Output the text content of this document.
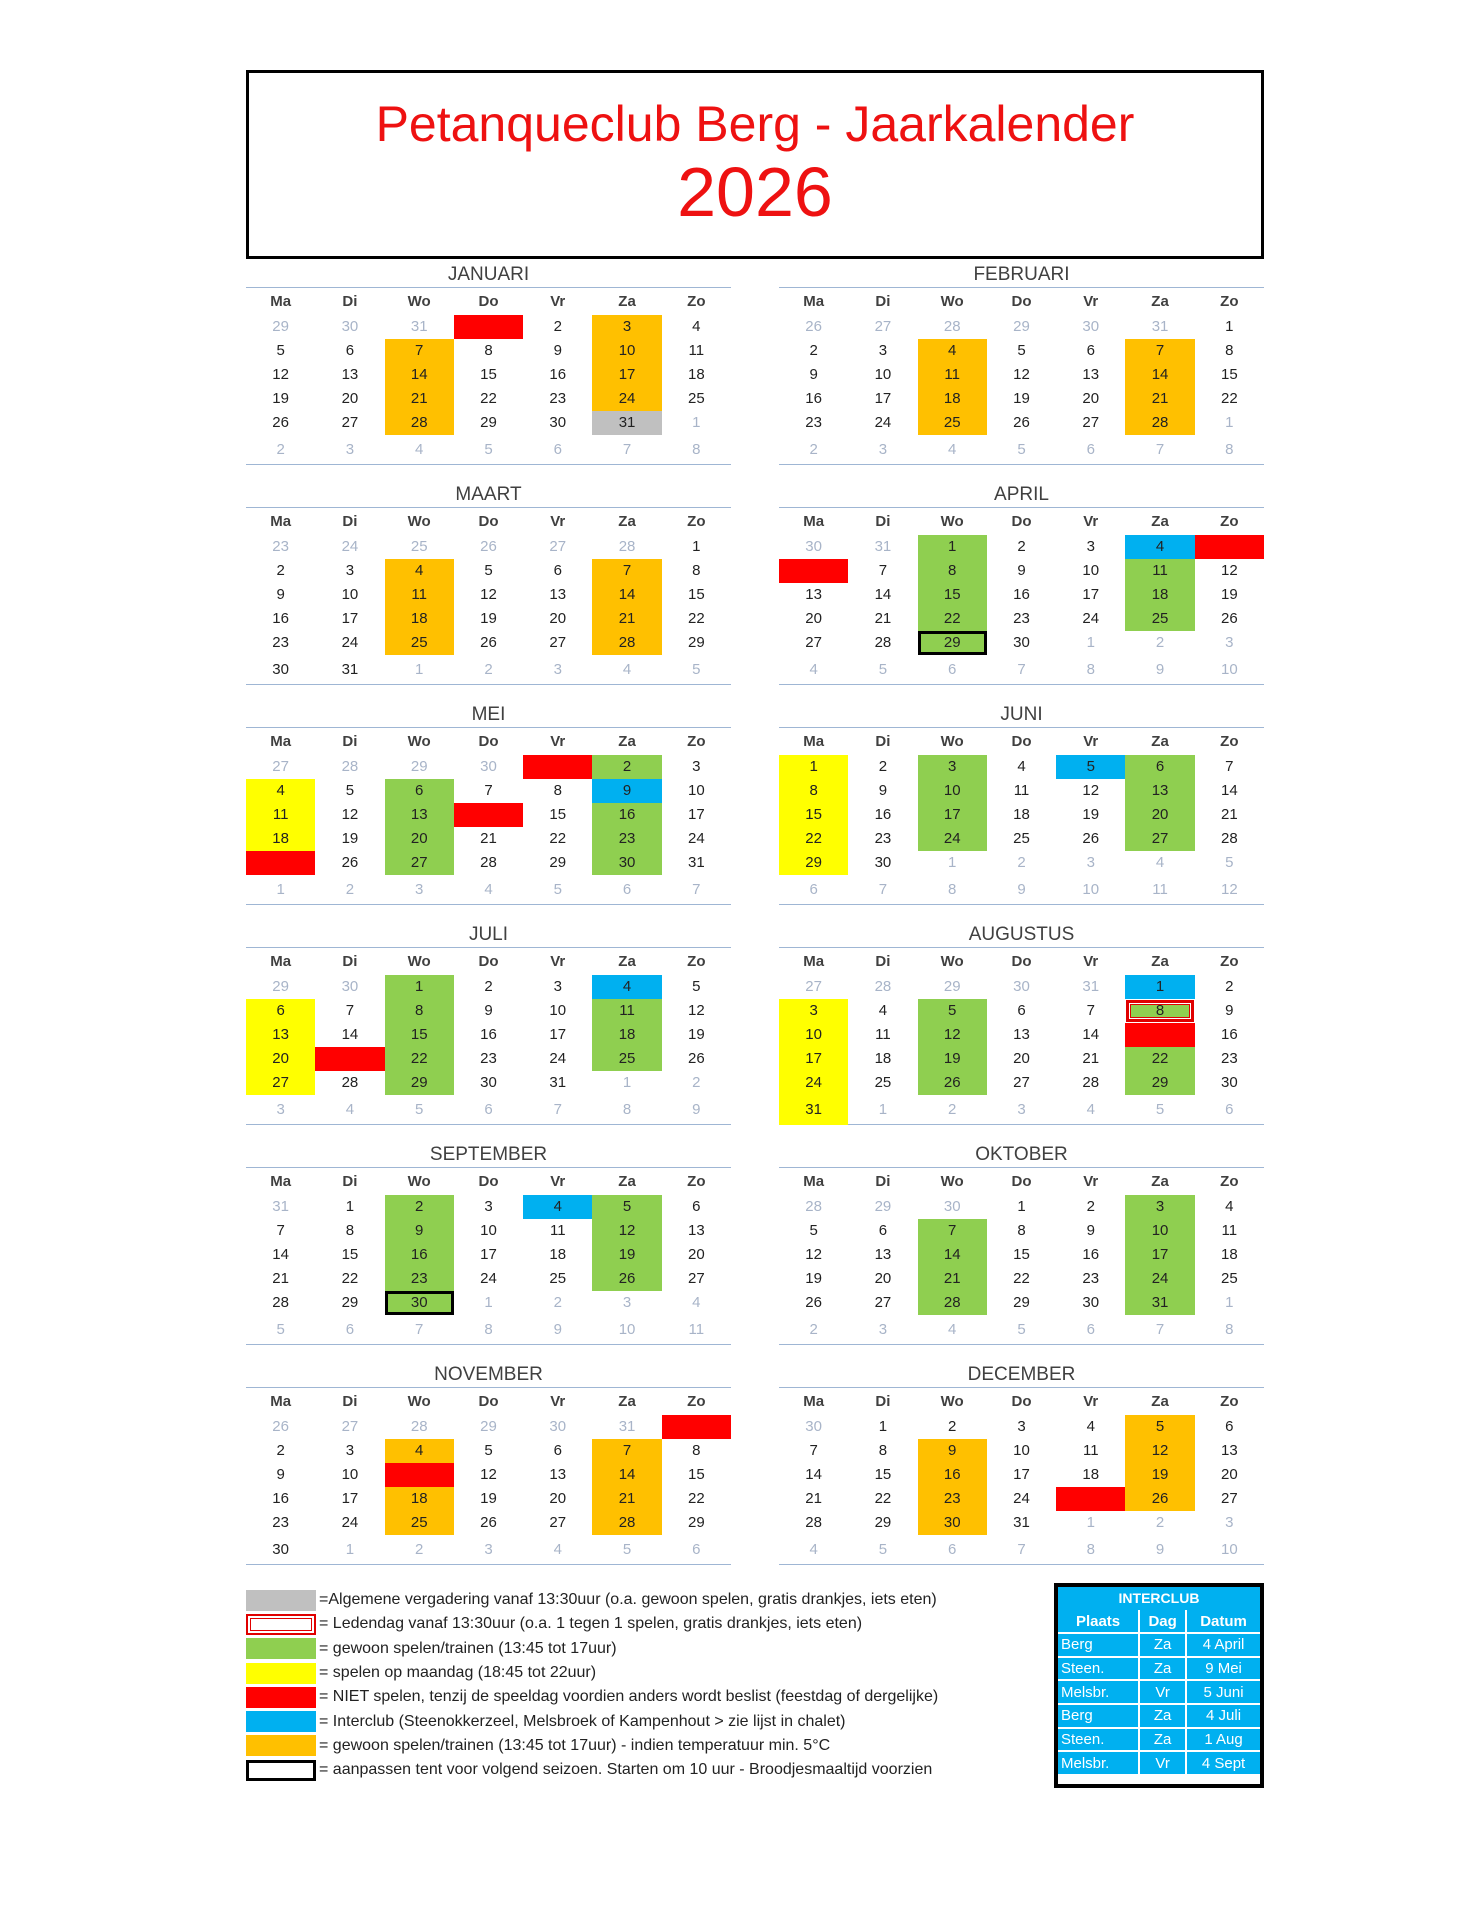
Petanqueclub Berg - Jaarkalender
2026
JANUARI
Ma	Di	Wo	Do	Vr	Za	Zo
29	30	31	1	2	3	4
5	6	7	8	9	10	11
12	13	14	15	16	17	18
19	20	21	22	23	24	25
26	27	28	29	30	31	1
2	3	4	5	6	7	8
FEBRUARI
Ma	Di	Wo	Do	Vr	Za	Zo
26	27	28	29	30	31	1
2	3	4	5	6	7	8
9	10	11	12	13	14	15
16	17	18	19	20	21	22
23	24	25	26	27	28	1
2	3	4	5	6	7	8
MAART
Ma	Di	Wo	Do	Vr	Za	Zo
23	24	25	26	27	28	1
2	3	4	5	6	7	8
9	10	11	12	13	14	15
16	17	18	19	20	21	22
23	24	25	26	27	28	29
30	31	1	2	3	4	5
APRIL
Ma	Di	Wo	Do	Vr	Za	Zo
30	31	1	2	3	4	5
6	7	8	9	10	11	12
13	14	15	16	17	18	19
20	21	22	23	24	25	26
27	28	29	30	1	2	3
4	5	6	7	8	9	10
MEI
Ma	Di	Wo	Do	Vr	Za	Zo
27	28	29	30	1	2	3
4	5	6	7	8	9	10
11	12	13	14	15	16	17
18	19	20	21	22	23	24
25	26	27	28	29	30	31
1	2	3	4	5	6	7
JUNI
Ma	Di	Wo	Do	Vr	Za	Zo
1	2	3	4	5	6	7
8	9	10	11	12	13	14
15	16	17	18	19	20	21
22	23	24	25	26	27	28
29	30	1	2	3	4	5
6	7	8	9	10	11	12
JULI
Ma	Di	Wo	Do	Vr	Za	Zo
29	30	1	2	3	4	5
6	7	8	9	10	11	12
13	14	15	16	17	18	19
20	21	22	23	24	25	26
27	28	29	30	31	1	2
3	4	5	6	7	8	9
AUGUSTUS
Ma	Di	Wo	Do	Vr	Za	Zo
27	28	29	30	31	1	2
3	4	5	6	7	8	9
10	11	12	13	14	15	16
17	18	19	20	21	22	23
24	25	26	27	28	29	30
31	1	2	3	4	5	6
SEPTEMBER
Ma	Di	Wo	Do	Vr	Za	Zo
31	1	2	3	4	5	6
7	8	9	10	11	12	13
14	15	16	17	18	19	20
21	22	23	24	25	26	27
28	29	30	1	2	3	4
5	6	7	8	9	10	11
OKTOBER
Ma	Di	Wo	Do	Vr	Za	Zo
28	29	30	1	2	3	4
5	6	7	8	9	10	11
12	13	14	15	16	17	18
19	20	21	22	23	24	25
26	27	28	29	30	31	1
2	3	4	5	6	7	8
NOVEMBER
Ma	Di	Wo	Do	Vr	Za	Zo
26	27	28	29	30	31	1
2	3	4	5	6	7	8
9	10	11	12	13	14	15
16	17	18	19	20	21	22
23	24	25	26	27	28	29
30	1	2	3	4	5	6
DECEMBER
Ma	Di	Wo	Do	Vr	Za	Zo
30	1	2	3	4	5	6
7	8	9	10	11	12	13
14	15	16	17	18	19	20
21	22	23	24	25	26	27
28	29	30	31	1	2	3
4	5	6	7	8	9	10
=Algemene vergadering vanaf 13:30uur (o.a. gewoon spelen, gratis drankjes, iets eten)
= Ledendag vanaf 13:30uur (o.a. 1 tegen 1 spelen, gratis drankjes, iets eten)
= gewoon spelen/trainen (13:45 tot 17uur)
= spelen op maandag (18:45 tot 22uur)
= NIET spelen, tenzij de speeldag voordien anders wordt beslist (feestdag of dergelijke)
= Interclub (Steenokkerzeel, Melsbroek of Kampenhout > zie lijst in chalet)
= gewoon spelen/trainen (13:45 tot 17uur) - indien temperatuur min. 5°C
= aanpassen tent voor volgend seizoen. Starten om 10 uur - Broodjesmaaltijd voorzien
INTERCLUB
Plaats	Dag	Datum
Berg	Za	4 April
Steen.	Za	9 Mei
Melsbr.	Vr	5 Juni
Berg	Za	4 Juli
Steen.	Za	1 Aug
Melsbr.	Vr	4 Sept
